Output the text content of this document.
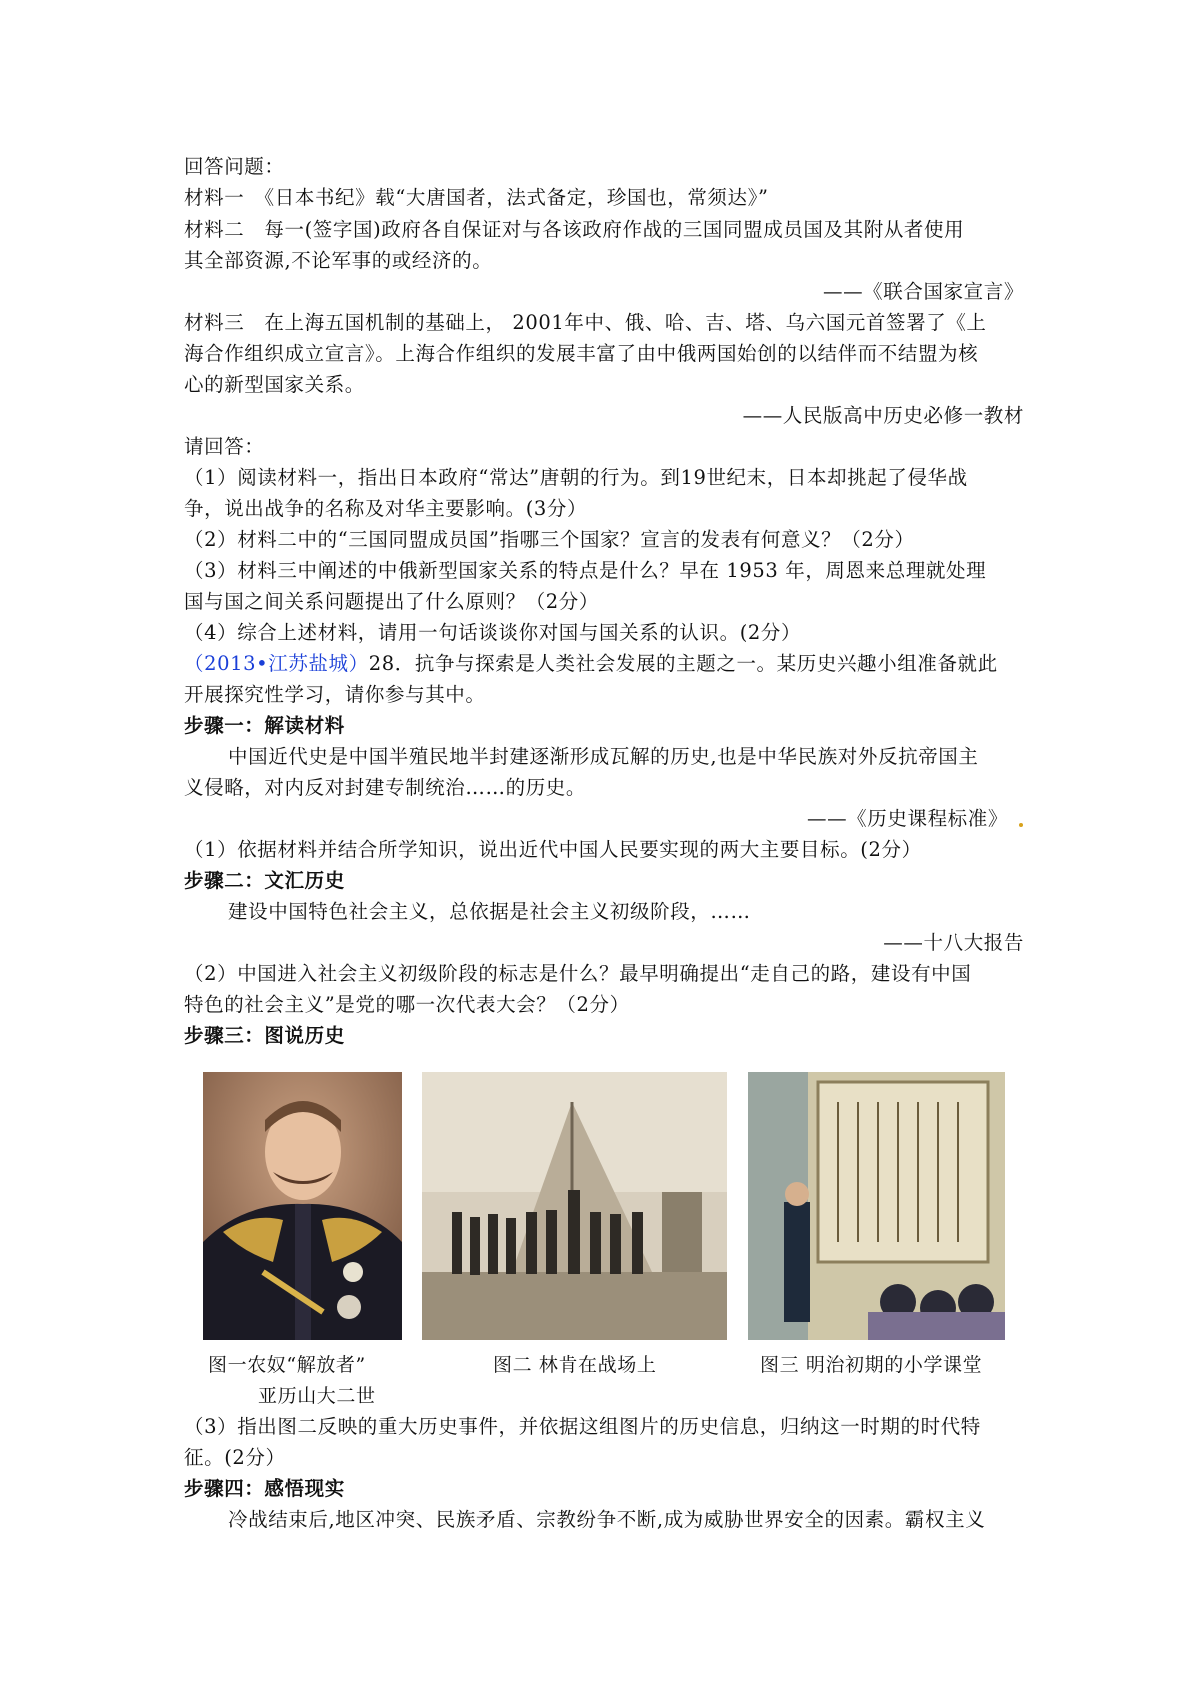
回答问题：
材料一　《日本书纪》载“大唐国者，法式备定，珍国也，常须达》”
材料二　每一(签字国)政府各自保证对与各该政府作战的三国同盟成员国及其附从者使用
其全部资源,不论军事的或经济的。
——《联合国家宣言》
材料三　在上海五国机制的基础上， 2001年中、俄、哈、吉、塔、乌六国元首签署了《上
海合作组织成立宣言》。上海合作组织的发展丰富了由中俄两国始创的以结伴而不结盟为核
心的新型国家关系。
——人民版高中历史必修一教材
请回答：
（1）阅读材料一，指出日本政府“常达”唐朝的行为。到19世纪末，日本却挑起了侵华战
争，说出战争的名称及对华主要影响。(3分）
（2）材料二中的“三国同盟成员国”指哪三个国家？宣言的发表有何意义？（2分）
（3）材料三中阐述的中俄新型国家关系的特点是什么？早在 1953 年，周恩来总理就处理
国与国之间关系问题提出了什么原则？（2分）
（4）综合上述材料，请用一句话谈谈你对国与国关系的认识。(2分）
（2013•江苏盐城）28．抗争与探索是人类社会发展的主题之一。某历史兴趣小组准备就此
开展探究性学习，请你参与其中。
步骤一：解读材料
中国近代史是中国半殖民地半封建逐渐形成瓦解的历史,也是中华民族对外反抗帝国主
义侵略，对内反对封建专制统治……的历史。
——《历史课程标准》
（1）依据材料并结合所学知识，说出近代中国人民要实现的两大主要目标。(2分）
步骤二：文汇历史
建设中国特色社会主义，总依据是社会主义初级阶段，……
——十八大报告
（2）中国进入社会主义初级阶段的标志是什么？最早明确提出“走自己的路，建设有中国
特色的社会主义”是党的哪一次代表大会？（2分）
步骤三：图说历史
图一农奴“解放者”
亚历山大二世
图二 林肯在战场上	图三 明治初期的小学课堂
（3）指出图二反映的重大历史事件，并依据这组图片的历史信息，归纳这一时期的时代特
征。(2分）
步骤四：感悟现实
冷战结束后,地区冲突、民族矛盾、宗教纷争不断,成为威胁世界安全的因素。霸权主义
